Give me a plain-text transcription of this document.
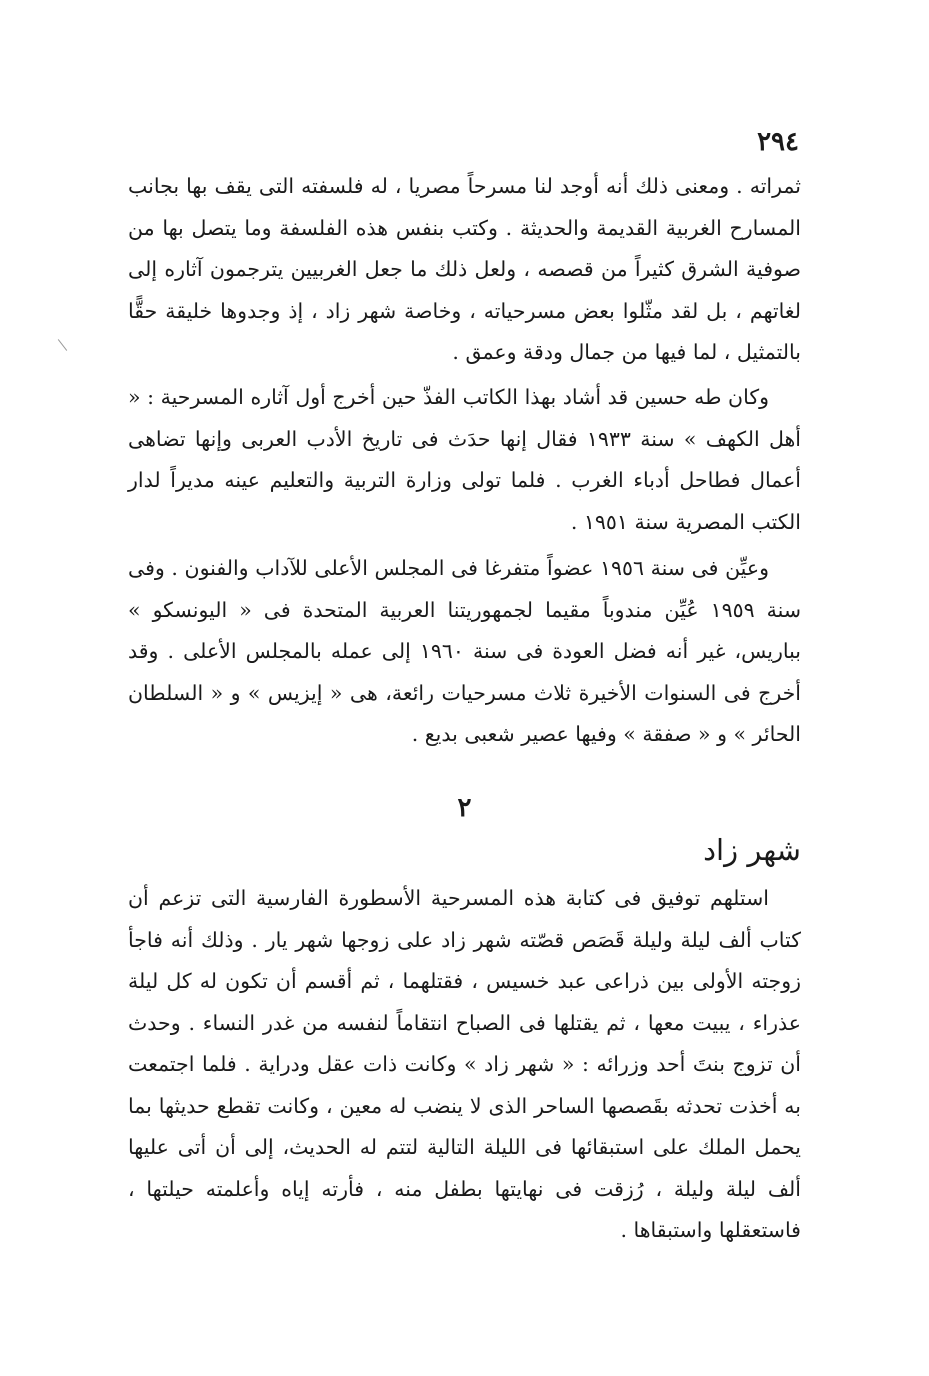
٢٩٤

ثمراته . ومعنى ذلك أنه أوجد لنا مسرحاً مصريا ، له فلسفته التى يقف بها بجانب المسارح الغربية القديمة والحديثة . وكتب بنفس هذه الفلسفة وما يتصل بها من صوفية الشرق كثيراً من قصصه ، ولعل ذلك ما جعل الغربيين يترجمون آثاره إلى لغاتهم ، بل لقد مثّلوا بعض مسرحياته ، وخاصة شهر زاد ، إذ وجدوها خليقة حقًّا بالتمثيل ، لما فيها من جمال ودقة وعمق .

وكان طه حسين قد أشاد بهذا الكاتب الفذّ حين أخرج أول آثاره المسرحية : « أهل الكهف » سنة ١٩٣٣ فقال إنها حدَث فى تاريخ الأدب العربى وإنها تضاهى أعمال فطاحل أدباء الغرب . فلما تولى وزارة التربية والتعليم عينه مديراً لدار الكتب المصرية سنة ١٩٥١ .

وعيِّن فى سنة ١٩٥٦ عضواً متفرغا فى المجلس الأعلى للآداب والفنون . وفى سنة ١٩٥٩ عُيِّن مندوباً مقيما لجمهوريتنا العربية المتحدة فى « اليونسكو » بباريس، غير أنه فضل العودة فى سنة ١٩٦٠ إلى عمله بالمجلس الأعلى . وقد أخرج فى السنوات الأخيرة ثلاث مسرحيات رائعة، هى « إيزيس » و « السلطان الحائر » و « صفقة » وفيها عصير شعبى بديع .

٢
شهر زاد

استلهم توفيق فى كتابة هذه المسرحية الأسطورة الفارسية التى تزعم أن كتاب ألف ليلة وليلة قَصَص قصّته شهر زاد على زوجها شهر يار . وذلك أنه فاجأ زوجته الأولى بين ذراعى عبد خسيس ، فقتلهما ، ثم أقسم أن تكون له كل ليلة عذراء ، يبيت معها ، ثم يقتلها فى الصباح انتقاماً لنفسه من غدر النساء . وحدث أن تزوج بنتَ أحد وزرائه : « شهر زاد » وكانت ذات عقل ودراية . فلما اجتمعت به أخذت تحدثه بقَصصها الساحر الذى لا ينضب له معين ، وكانت تقطع حديثها بما يحمل الملك على استبقائها فى الليلة التالية لتتم له الحديث، إلى أن أتى عليها ألف ليلة وليلة ، رُزقت فى نهايتها بطفل منه ، فأرته إياه وأعلمته حيلتها ، فاستعقلها واستبقاها .
